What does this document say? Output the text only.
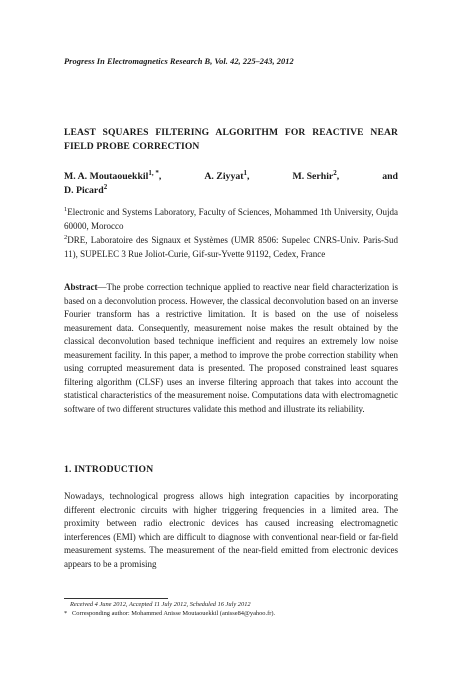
Progress In Electromagnetics Research B, Vol. 42, 225–243, 2012
LEAST SQUARES FILTERING ALGORITHM FOR REACTIVE NEAR FIELD PROBE CORRECTION
M. A. Moutaouekkil$^{1, *}$,	A. Ziyyat$^1$,	M. Serhir$^2$,	and
D. Picard$^2$
$^1$Electronic and Systems Laboratory, Faculty of Sciences, Mohammed 1th University, Oujda 60000, Morocco
$^2$DRE, Laboratoire des Signaux et Systèmes (UMR 8506: Supelec CNRS-Univ. Paris-Sud 11), SUPELEC 3 Rue Joliot-Curie, Gif-sur-Yvette 91192, Cedex, France
Abstract—The probe correction technique applied to reactive near field characterization is based on a deconvolution process. However, the classical deconvolution based on an inverse Fourier transform has a restrictive limitation. It is based on the use of noiseless measurement data. Consequently, measurement noise makes the result obtained by the classical deconvolution based technique inefficient and requires an extremely low noise measurement facility. In this paper, a method to improve the probe correction stability when using corrupted measurement data is presented. The proposed constrained least squares filtering algorithm (CLSF) uses an inverse filtering approach that takes into account the statistical characteristics of the measurement noise. Computations data with electromagnetic software of two different structures validate this method and illustrate its reliability.
1. INTRODUCTION
Nowadays, technological progress allows high integration capacities by incorporating different electronic circuits with higher triggering frequencies in a limited area. The proximity between radio electronic devices has caused increasing electromagnetic interferences (EMI) which are difficult to diagnose with conventional near-field or far-field measurement systems. The measurement of the near-field emitted from electronic devices appears to be a promising
Received 4 June 2012, Accepted 11 July 2012, Scheduled 16 July 2012
* Corresponding author: Mohammed Anisse Moutaouekkil (anisse84@yahoo.fr).
